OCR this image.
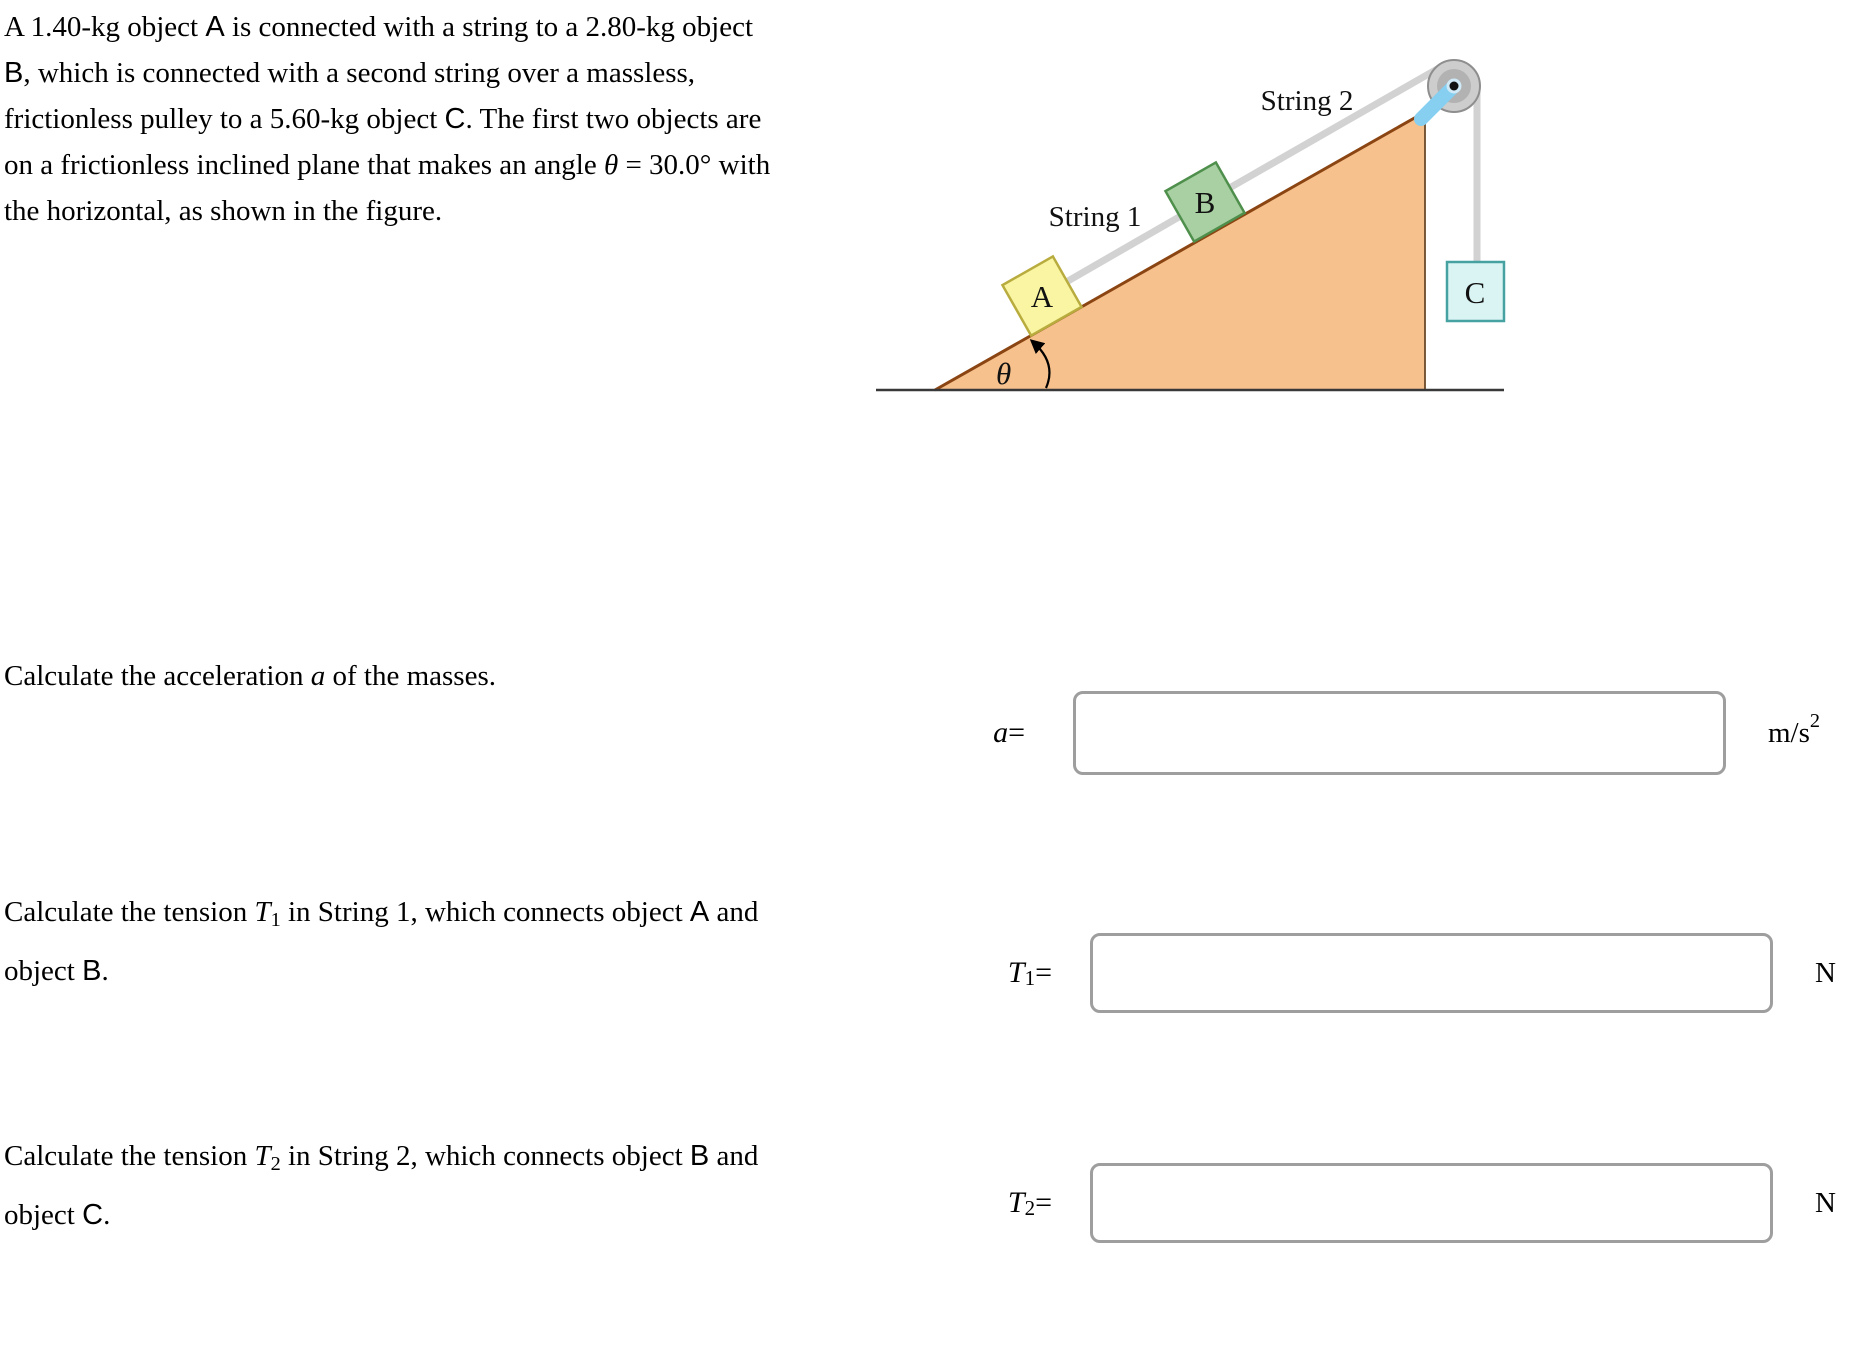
A 1.40-kg object A is connected with a string to a 2.80-kg object B, which is connected with a second string over a massless, frictionless pulley to a 5.60-kg object C. The first two objects are on a frictionless inclined plane that makes an angle θ = 30.0° with the horizontal, as shown in the figure.
A
B
C
String 1
String 2
θ
Calculate the acceleration a of the masses.
a =	m/s 2
Calculate the tension T1 in String 1, which connects object A and object B.	T 1 =	N
Calculate the tension T2 in String 2, which connects object B and object C.	T 2 =	N
